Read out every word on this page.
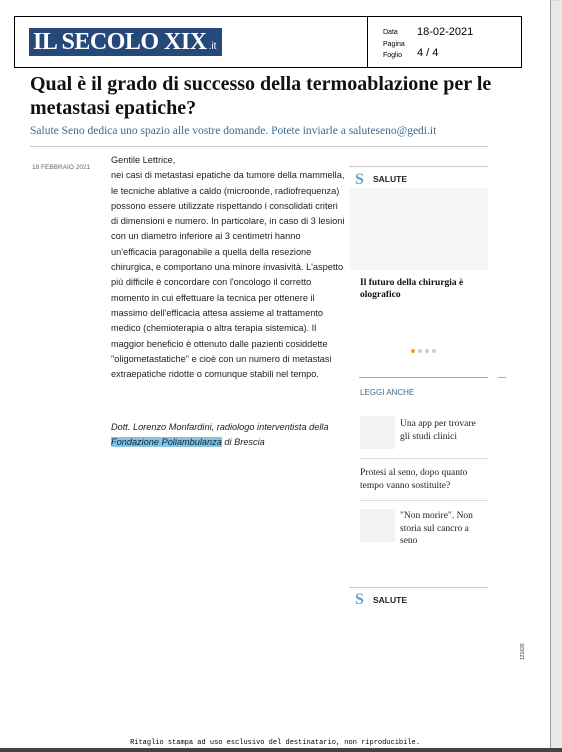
IL SECOLO XIX .it
Data
Pagina
Foglio
18-02-2021
4 / 4
Qual è il grado di successo della termoablazione per le metastasi epatiche?
Salute Seno dedica uno spazio alle vostre domande. Potete inviarle a saluteseno@gedi.it
18 FEBBRAIO 2021

Gentile Lettrice,

nei casi di metastasi epatiche da tumore della mammella, le tecniche ablative a caldo (microonde, radiofrequenza) possono essere utilizzate rispettando i consolidati criteri di dimensioni e numero. In particolare, in caso di 3 lesioni con un diametro inferiore ai 3 centimetri hanno un'efficacia paragonabile a quella della resezione chirurgica, e comportano una minore invasività. L'aspetto più difficile è concordare con l'oncologo il corretto momento in cui effettuare la tecnica per ottenere il massimo dell'efficacia attesa assieme al trattamento medico (chemioterapia o altra terapia sistemica). Il maggior beneficio è ottenuto dalle pazienti cosiddette "oligometastatiche" e cioè con un numero di metastasi extraepatiche ridotte o comunque stabili nel tempo.

Dott. Lorenzo Monfardini, radiologo interventista della Fondazione Poliambulanza di Brescia
S	SALUTE
Il futuro della chirurgia è
olografico
LEGGI ANCHE
Una app per trovare
gli studi clinici
Protesi al seno, dopo quanto
tempo vanno sostituite?
"Non morire". Non
storia sul cancro a
seno
S	SALUTE
121626
Ritaglio stampa ad uso esclusivo del destinatario, non riproducibile.
